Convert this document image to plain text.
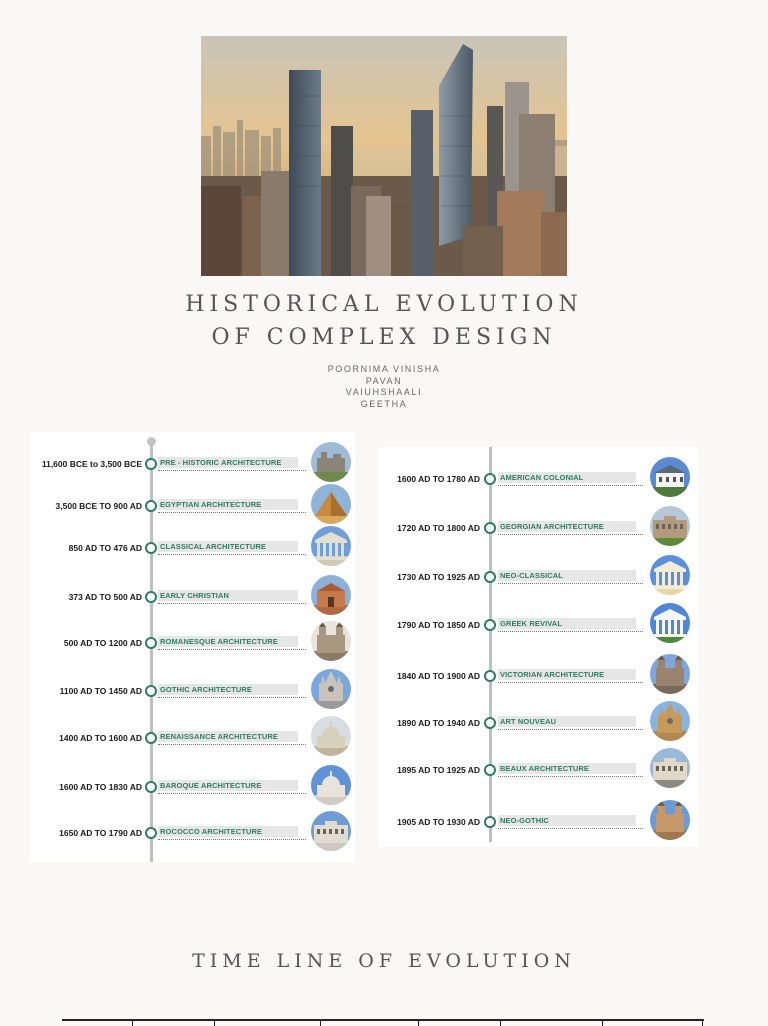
HISTORICAL EVOLUTION
OF COMPLEX DESIGN
POORNIMA VINISHA
PAVAN
VAIUHSHAALI
GEETHA
11,600 BCE to 3,500 BCE PRE - HISTORIC ARCHITECTURE
3,500 BCE TO 900 AD EGYPTIAN ARCHITECTURE
850 AD TO 476 AD CLASSICAL ARCHITECTURE
373 AD TO 500 AD EARLY CHRISTIAN
500 AD TO 1200 AD ROMANESQUE ARCHITECTURE
1100 AD TO 1450 AD GOTHIC ARCHITECTURE
1400 AD TO 1600 AD RENAISSANCE ARCHITECTURE
1600 AD TO 1830 AD BAROQUE ARCHITECTURE
1650 AD TO 1790 AD ROCOCCO ARCHITECTURE
1600 AD TO 1780 AD	AMERICAN COLONIAL
1720 AD TO 1800 AD	GEORGIAN ARCHITECTURE
1730 AD TO 1925 AD	NEO-CLASSICAL
1790 AD TO 1850 AD	GREEK REVIVAL
1840 AD TO 1900 AD	VICTORIAN ARCHITECTURE
1890 AD TO 1940 AD	ART NOUVEAU
1895 AD TO 1925 AD	BEAUX ARCHITECTURE
1905 AD TO 1930 AD	NEO-GOTHIC
TIME LINE OF EVOLUTION
